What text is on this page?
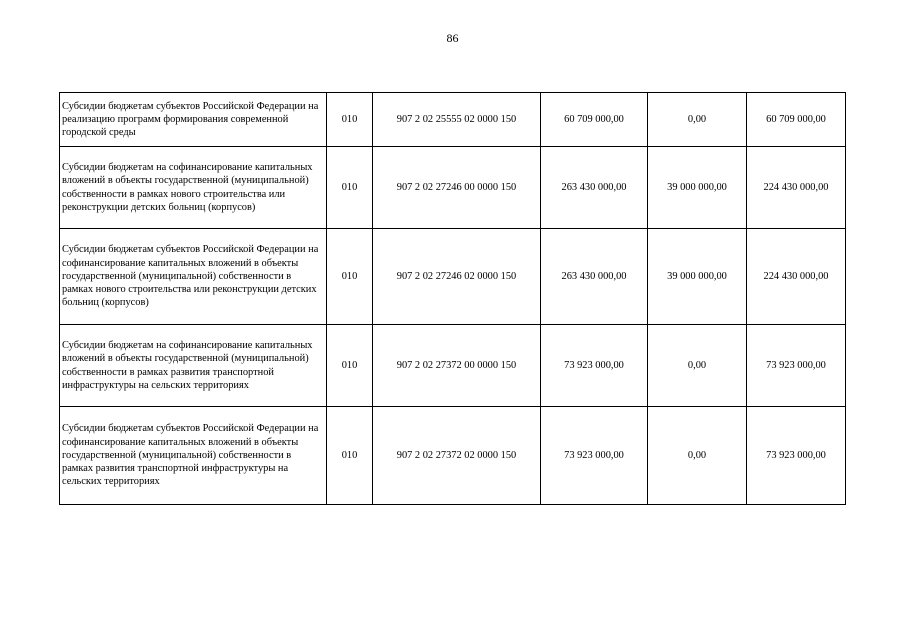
86
Субсидии бюджетам субъектов Российской Федерации на реализацию программ формирования современной городской среды	010	907 2 02 25555 02 0000 150	60 709 000,00	0,00	60 709 000,00
Субсидии бюджетам на софинансирование капитальных вложений в объекты государственной (муниципальной) собственности в рамках нового строительства или реконструкции детских больниц (корпусов)	010	907 2 02 27246 00 0000 150	263 430 000,00	39 000 000,00	224 430 000,00
Субсидии бюджетам субъектов Российской Федерации на софинансирование капитальных вложений в объекты государственной (муниципальной) собственности в рамках нового строительства или реконструкции детских больниц (корпусов)	010	907 2 02 27246 02 0000 150	263 430 000,00	39 000 000,00	224 430 000,00
Субсидии бюджетам на софинансирование капитальных вложений в объекты государственной (муниципальной) собственности в рамках развития транспортной инфраструктуры на сельских территориях	010	907 2 02 27372 00 0000 150	73 923 000,00	0,00	73 923 000,00
Субсидии бюджетам субъектов Российской Федерации на софинансирование капитальных вложений в объекты государственной (муниципальной) собственности в рамках развития транспортной инфраструктуры на сельских территориях	010	907 2 02 27372 02 0000 150	73 923 000,00	0,00	73 923 000,00
